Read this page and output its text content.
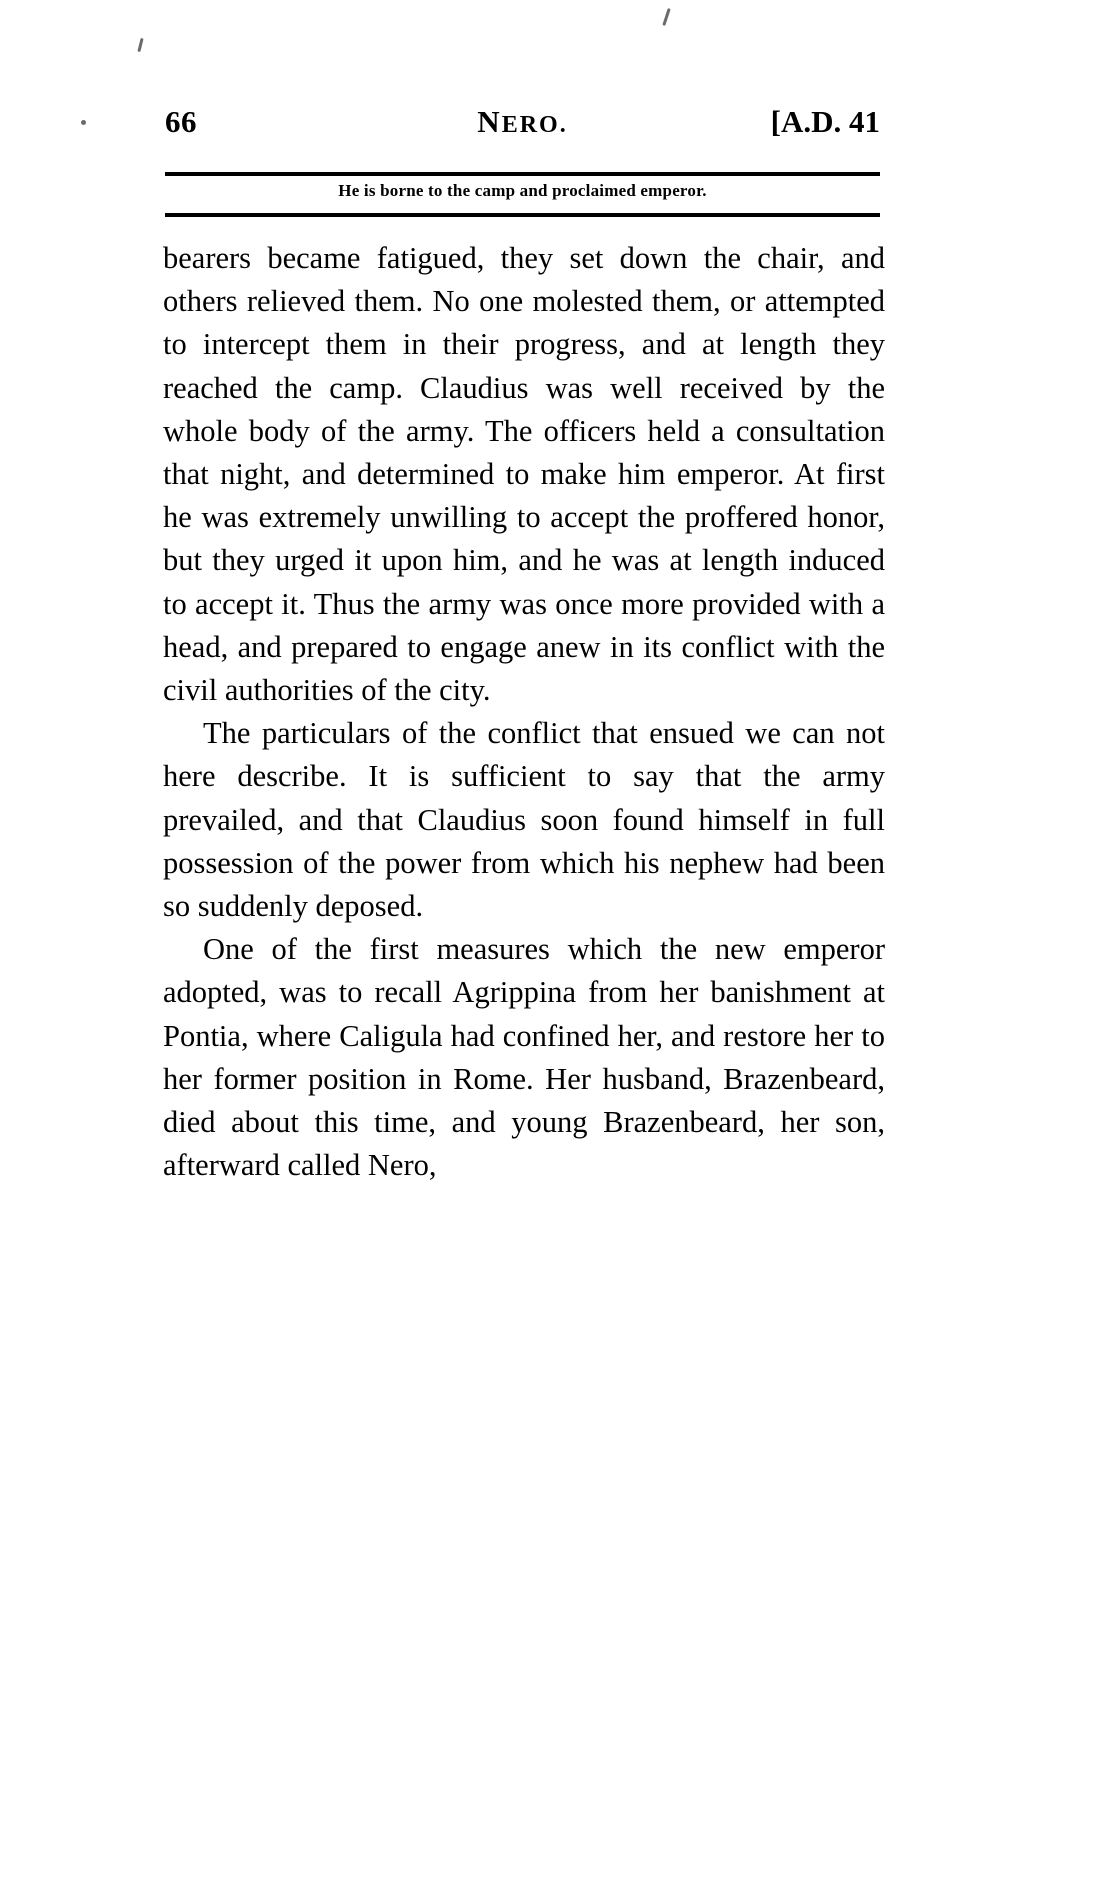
66	NERO.	[A.D. 41
He is borne to the camp and proclaimed emperor.

bearers became fatigued, they set down the chair, and others relieved them. No one molested them, or attempted to intercept them in their progress, and at length they reached the camp. Claudius was well received by the whole body of the army. The officers held a consultation that night, and determined to make him emperor. At first he was extremely unwilling to accept the proffered honor, but they urged it upon him, and he was at length induced to accept it. Thus the army was once more provided with a head, and prepared to engage anew in its conflict with the civil authorities of the city.

The particulars of the conflict that ensued we can not here describe. It is sufficient to say that the army prevailed, and that Claudius soon found himself in full possession of the power from which his nephew had been so suddenly deposed.

One of the first measures which the new emperor adopted, was to recall Agrippina from her banishment at Pontia, where Caligula had confined her, and restore her to her former position in Rome. Her husband, Brazenbeard, died about this time, and young Brazenbeard, her son, afterward called Nero,
